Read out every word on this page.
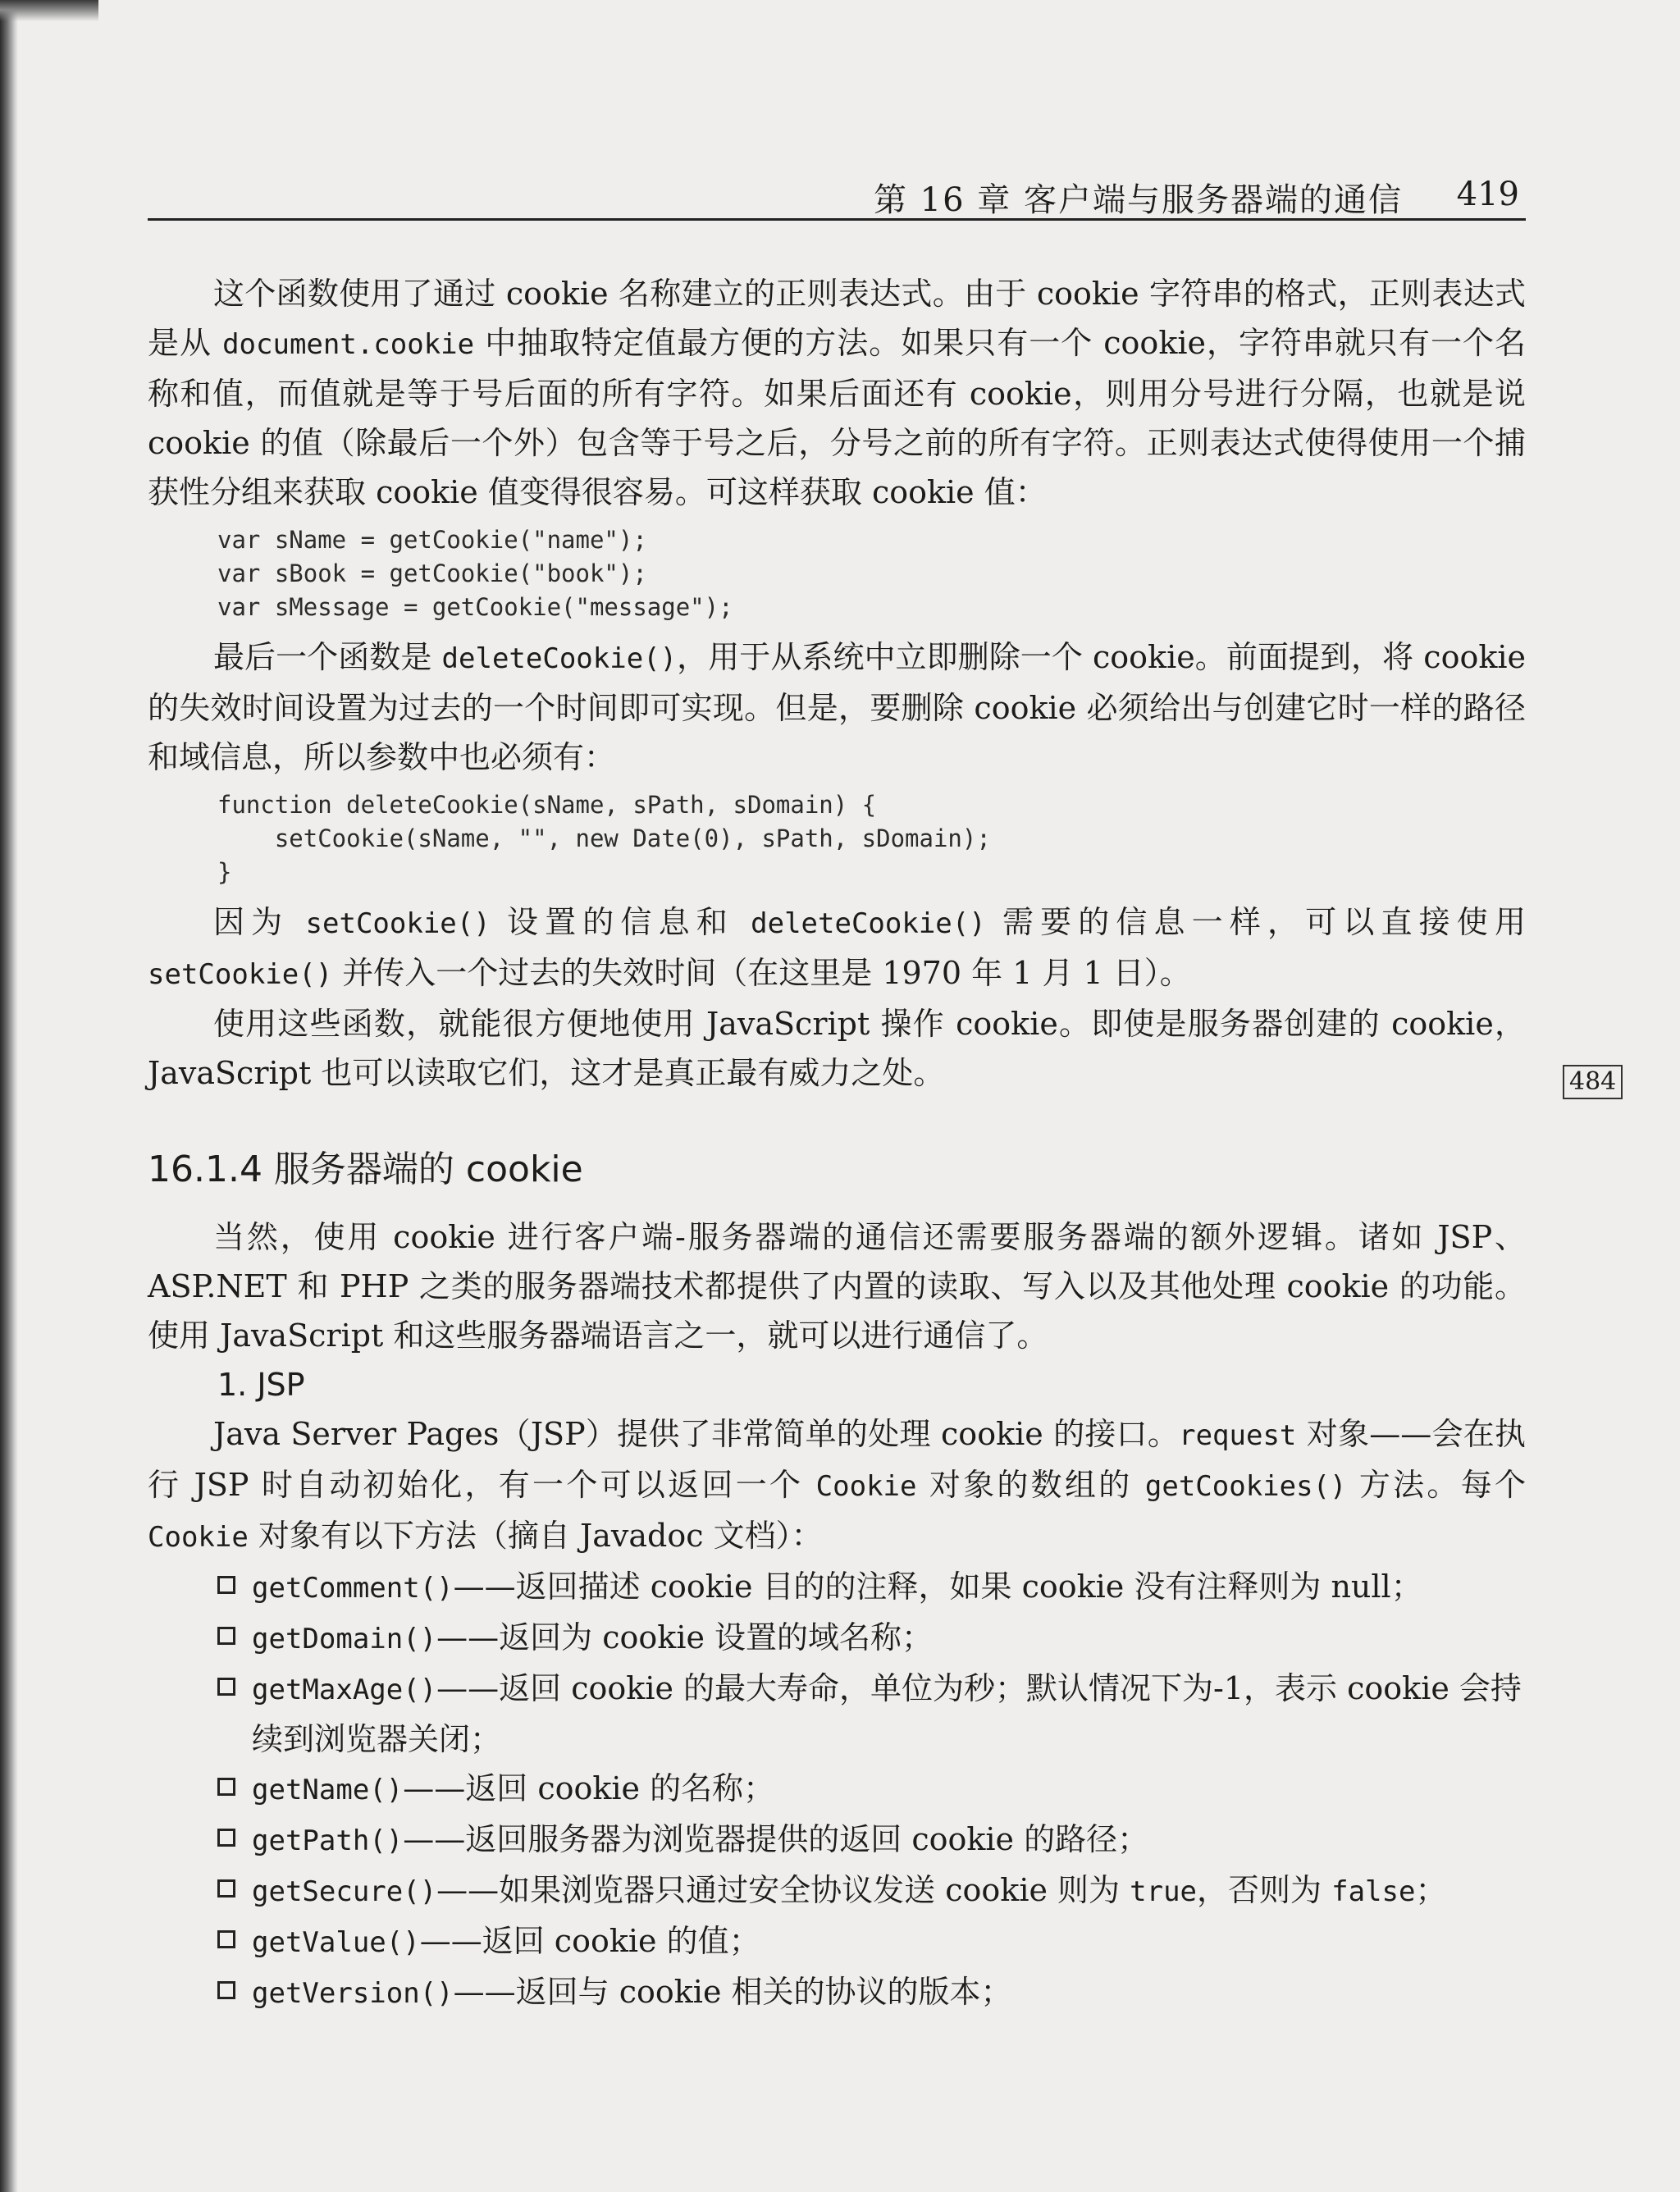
484
第 16 章 客户端与服务器端的通信 419

这个函数使用了通过 cookie 名称建立的正则表达式。由于 cookie 字符串的格式，正则表达式是从 document.cookie 中抽取特定值最方便的方法。如果只有一个 cookie，字符串就只有一个名称和值，而值就是等于号后面的所有字符。如果后面还有 cookie，则用分号进行分隔，也就是说 cookie 的值（除最后一个外）包含等于号之后，分号之前的所有字符。正则表达式使得使用一个捕获性分组来获取 cookie 值变得很容易。可这样获取 cookie 值：

var sName = getCookie("name");
var sBook = getCookie("book");
var sMessage = getCookie("message");

最后一个函数是 deleteCookie()，用于从系统中立即删除一个 cookie。前面提到，将 cookie 的失效时间设置为过去的一个时间即可实现。但是，要删除 cookie 必须给出与创建它时一样的路径和域信息，所以参数中也必须有：

function deleteCookie(sName, sPath, sDomain) {
setCookie(sName, "", new Date(0), sPath, sDomain);
}

因为 setCookie() 设置的信息和 deleteCookie() 需要的信息一样，可以直接使用 setCookie() 并传入一个过去的失效时间（在这里是 1970 年 1 月 1 日）。

使用这些函数，就能很方便地使用 JavaScript 操作 cookie。即使是服务器创建的 cookie，JavaScript 也可以读取它们，这才是真正最有威力之处。

16.1.4 服务器端的 cookie

当然，使用 cookie 进行客户端-服务器端的通信还需要服务器端的额外逻辑。诸如 JSP、ASP.NET 和 PHP 之类的服务器端技术都提供了内置的读取、写入以及其他处理 cookie 的功能。使用 JavaScript 和这些服务器端语言之一，就可以进行通信了。

1. JSP

Java Server Pages（JSP）提供了非常简单的处理 cookie 的接口。request 对象——会在执行 JSP 时自动初始化，有一个可以返回一个 Cookie 对象的数组的 getCookies() 方法。每个 Cookie 对象有以下方法（摘自 Javadoc 文档）：

getComment()——返回描述 cookie 目的的注释，如果 cookie 没有注释则为 null；
getDomain()——返回为 cookie 设置的域名称；
getMaxAge()——返回 cookie 的最大寿命，单位为秒；默认情况下为-1，表示 cookie 会持续到浏览器关闭；
getName()——返回 cookie 的名称；
getPath()——返回服务器为浏览器提供的返回 cookie 的路径；
getSecure()——如果浏览器只通过安全协议发送 cookie 则为 true，否则为 false；
getValue()——返回 cookie 的值；
getVersion()——返回与 cookie 相关的协议的版本；
